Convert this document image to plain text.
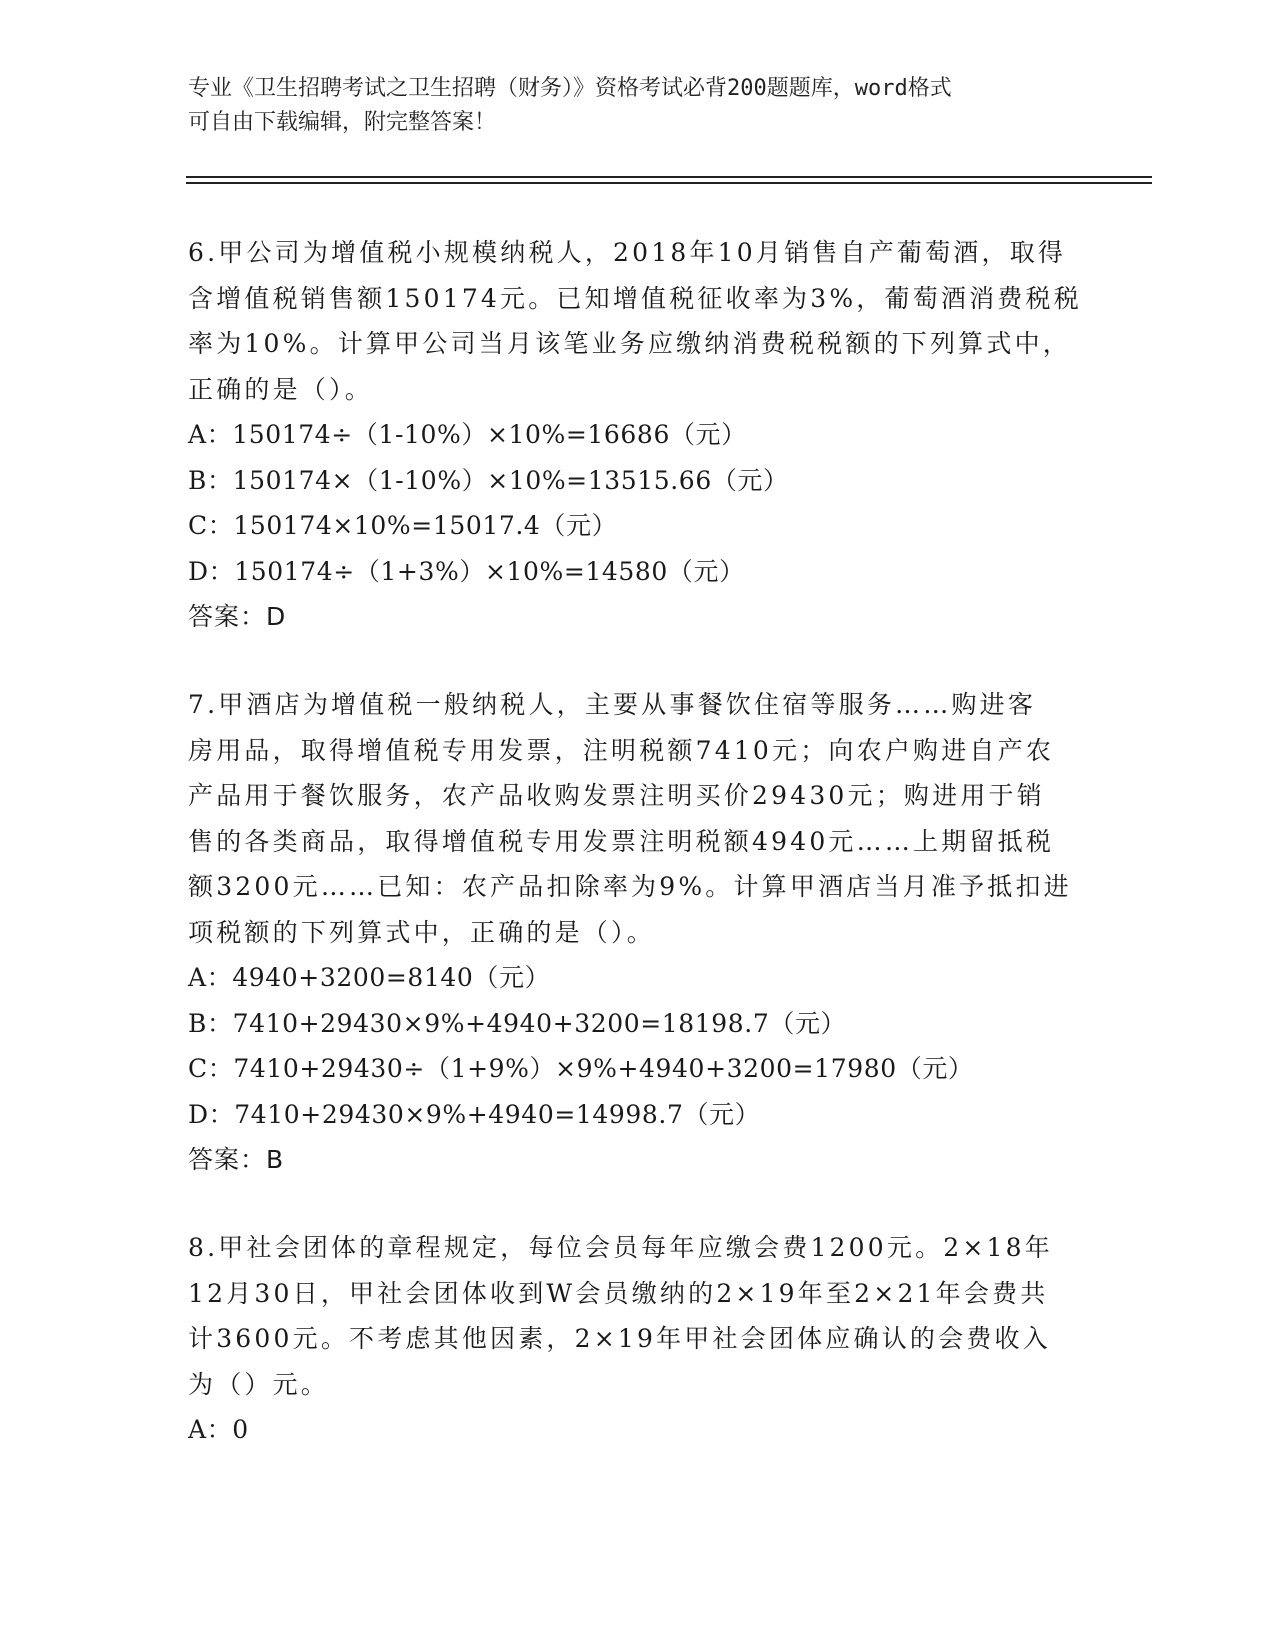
专业《卫生招聘考试之卫生招聘（财务）》资格考试必背200题题库，word格式
可自由下载编辑，附完整答案！

6.甲公司为增值税小规模纳税人，2018年10月销售自产葡萄酒，取得

含增值税销售额150174元。已知增值税征收率为3%，葡萄酒消费税税

率为10%。计算甲公司当月该笔业务应缴纳消费税税额的下列算式中，

正确的是（）。

A：150174÷（1-10%）×10%=16686（元）

B：150174×（1-10%）×10%=13515.66（元）

C：150174×10%=15017.4（元）

D：150174÷（1+3%）×10%=14580（元）

答案：D

7.甲酒店为增值税一般纳税人，主要从事餐饮住宿等服务……购进客

房用品，取得增值税专用发票，注明税额7410元；向农户购进自产农

产品用于餐饮服务，农产品收购发票注明买价29430元；购进用于销

售的各类商品，取得增值税专用发票注明税额4940元……上期留抵税

额3200元……已知：农产品扣除率为9%。计算甲酒店当月准予抵扣进

项税额的下列算式中，正确的是（）。

A：4940+3200=8140（元）

B：7410+29430×9%+4940+3200=18198.7（元）

C：7410+29430÷（1+9%）×9%+4940+3200=17980（元）

D：7410+29430×9%+4940=14998.7（元）

答案：B

8.甲社会团体的章程规定，每位会员每年应缴会费1200元。2×18年

12月30日，甲社会团体收到W会员缴纳的2×19年至2×21年会费共

计3600元。不考虑其他因素，2×19年甲社会团体应确认的会费收入

为（）元。

A：0
